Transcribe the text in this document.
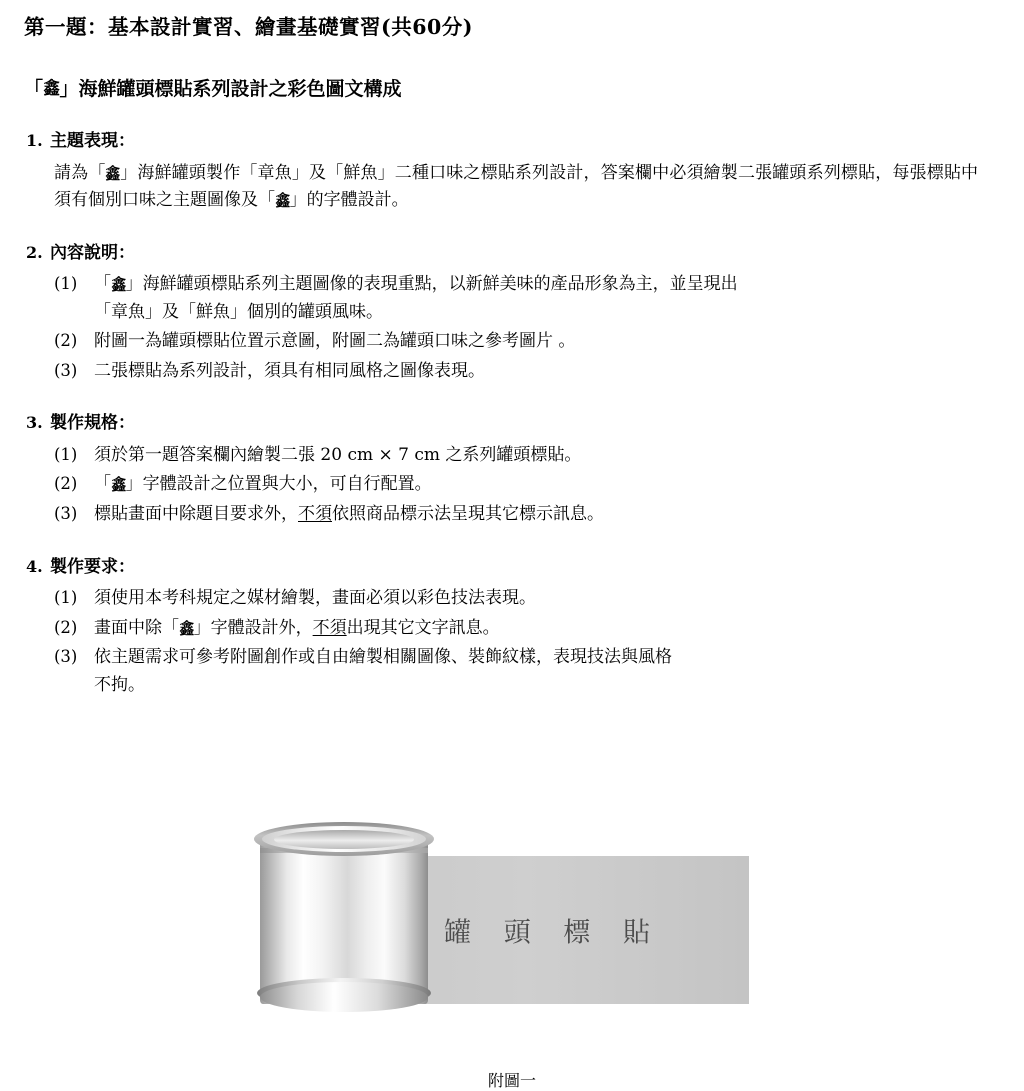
第一題：基本設計實習、繪畫基礎實習(共60分)
「 鑫 」海鮮罐頭標貼系列設計之彩色圖文構成
1. 主題表現：
請為「鑫」海鮮罐頭製作「章魚」及「鮮魚」二種口味之標貼系列設計，答案欄中必須繪製二張罐頭系列標貼，每張標貼中須有個別口味之主題圖像及「鑫」的字體設計。
2. 內容說明：
(1) 「鑫」海鮮罐頭標貼系列主題圖像的表現重點，以新鮮美味的產品形象為主，並呈現出
「章魚」及「鮮魚」個別的罐頭風味。
(2) 附圖一為罐頭標貼位置示意圖，附圖二為罐頭口味之參考圖片 。
(3) 二張標貼為系列設計，須具有相同風格之圖像表現。
3. 製作規格：
(1) 須於第一題答案欄內繪製二張 20 cm × 7 cm 之系列罐頭標貼。
(2) 「鑫」字體設計之位置與大小，可自行配置。
(3) 標貼畫面中除題目要求外，不須依照商品標示法呈現其它標示訊息。
4. 製作要求：
(1) 須使用本考科規定之媒材繪製，畫面必須以彩色技法表現。
(2) 畫面中除「鑫」字體設計外，不須出現其它文字訊息。
(3) 依主題需求可參考附圖創作或自由繪製相關圖像、裝飾紋樣，表現技法與風格
不拘。
罐 頭 標 貼
附圖一
